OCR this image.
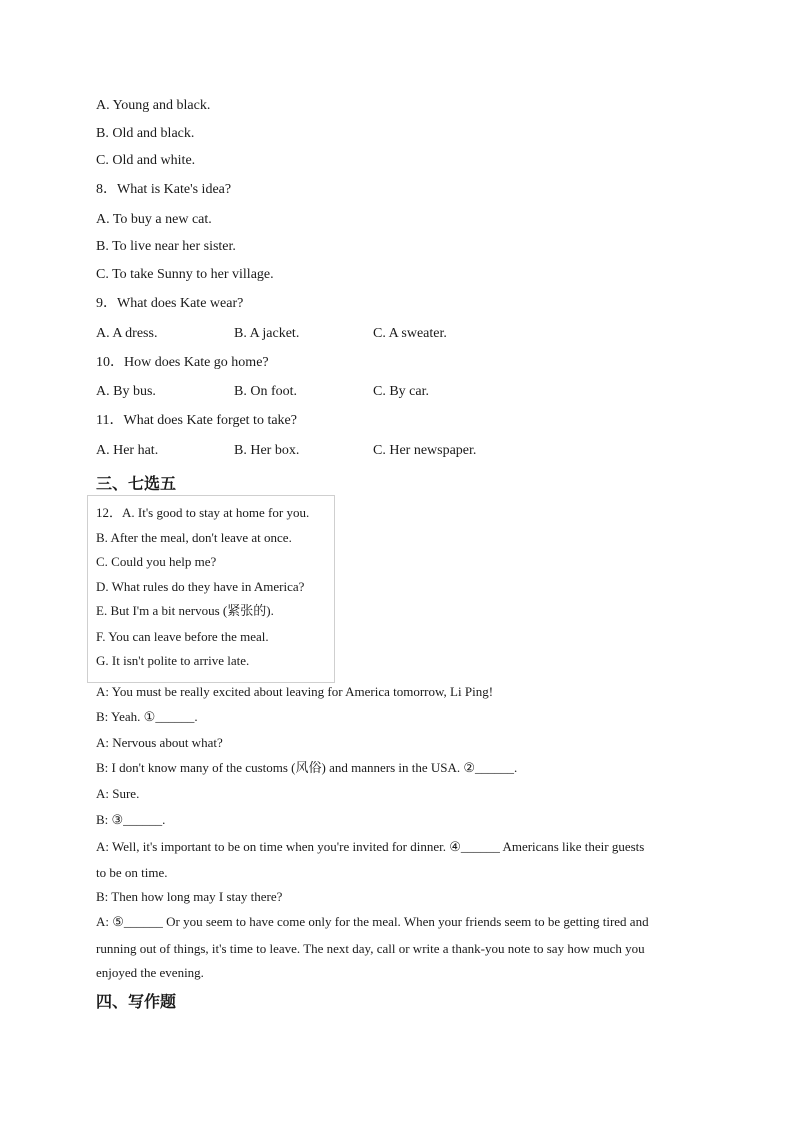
A. Young and black.
B. Old and black.
C. Old and white.
8．What is Kate's idea?
A. To buy a new cat.
B. To live near her sister.
C. To take Sunny to her village.
9．What does Kate wear?
A. A dress.	B. A jacket.	C. A sweater.
10．How does Kate go home?
A. By bus.	B. On foot.	C. By car.
11．What does Kate forget to take?
A. Her hat.	B. Her box.	C. Her newspaper.
三、七选五
12．A. It's good to stay at home for you.
B. After the meal, don't leave at once.
C. Could you help me?
D. What rules do they have in America?
E. But I'm a bit nervous (紧张的).
F. You can leave before the meal.
G. It isn't polite to arrive late.
A: You must be really excited about leaving for America tomorrow, Li Ping!
B: Yeah. ①______.
A: Nervous about what?
B: I don't know many of the customs (风俗) and manners in the USA. ②______.
A: Sure.
B: ③______.
A: Well, it's important to be on time when you're invited for dinner. ④______ Americans like their guests
to be on time.
B: Then how long may I stay there?
A: ⑤______ Or you seem to have come only for the meal. When your friends seem to be getting tired and
running out of things, it's time to leave. The next day, call or write a thank-you note to say how much you
enjoyed the evening.
四、写作题
